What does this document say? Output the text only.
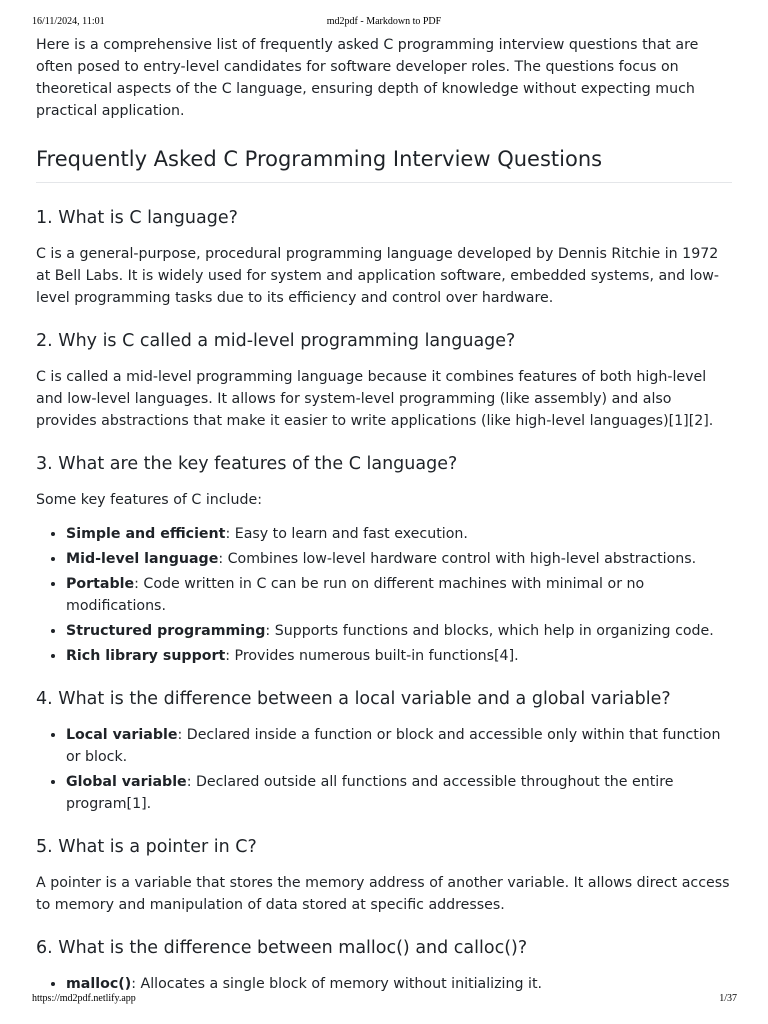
16/11/2024, 11:01	md2pdf - Markdown to PDF

Here is a comprehensive list of frequently asked C programming interview questions that are often posed to entry-level candidates for software developer roles. The questions focus on theoretical aspects of the C language, ensuring depth of knowledge without expecting much practical application.

Frequently Asked C Programming Interview Questions
1. What is C language?

C is a general-purpose, procedural programming language developed by Dennis Ritchie in 1972 at Bell Labs. It is widely used for system and application software, embedded systems, and low-level programming tasks due to its efficiency and control over hardware.

2. Why is C called a mid-level programming language?

C is called a mid-level programming language because it combines features of both high-level and low-level languages. It allows for system-level programming (like assembly) and also provides abstractions that make it easier to write applications (like high-level languages)[1][2].

3. What are the key features of the C language?

Some key features of C include:

• Simple and efficient: Easy to learn and fast execution.
• Mid-level language: Combines low-level hardware control with high-level abstractions.
• Portable: Code written in C can be run on different machines with minimal or no modifications.
• Structured programming: Supports functions and blocks, which help in organizing code.
• Rich library support: Provides numerous built-in functions[4].
4. What is the difference between a local variable and a global variable?
• Local variable: Declared inside a function or block and accessible only within that function or block.
• Global variable: Declared outside all functions and accessible throughout the entire program[1].
5. What is a pointer in C?

A pointer is a variable that stores the memory address of another variable. It allows direct access to memory and manipulation of data stored at specific addresses.

6. What is the difference between malloc() and calloc()?
• malloc(): Allocates a single block of memory without initializing it.
https://md2pdf.netlify.app	1/37
